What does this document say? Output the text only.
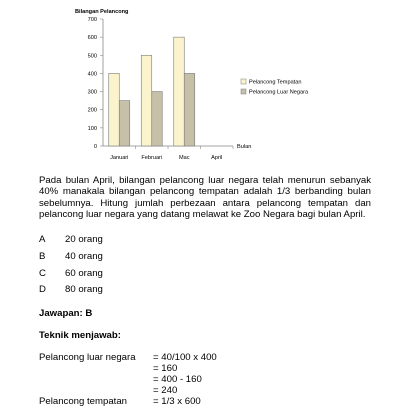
Bilangan Pelancong
Bulan
0
100
200
300
400
500
600
700
Januari Februari	Mac	April
Pelancong Tempatan
Pelancong Luar Negara
Pada bulan April, bilangan pelancong luar negara telah menurun sebanyak 40% manakala bilangan pelancong tempatan adalah 1/3 berbanding bulan sebelumnya. Hitung jumlah perbezaan antara pelancong tempatan dan pelancong luar negara yang datang melawat ke Zoo Negara bagi bulan April.
A 20 orang
B 40 orang
C 60 orang
D 80 orang
Jawapan: B
Teknik menjawab:
Pelancong luar negara = 40/100 x 400
= 160
= 400 - 160
= 240
Pelancong tempatan	= 1/3 x 600
